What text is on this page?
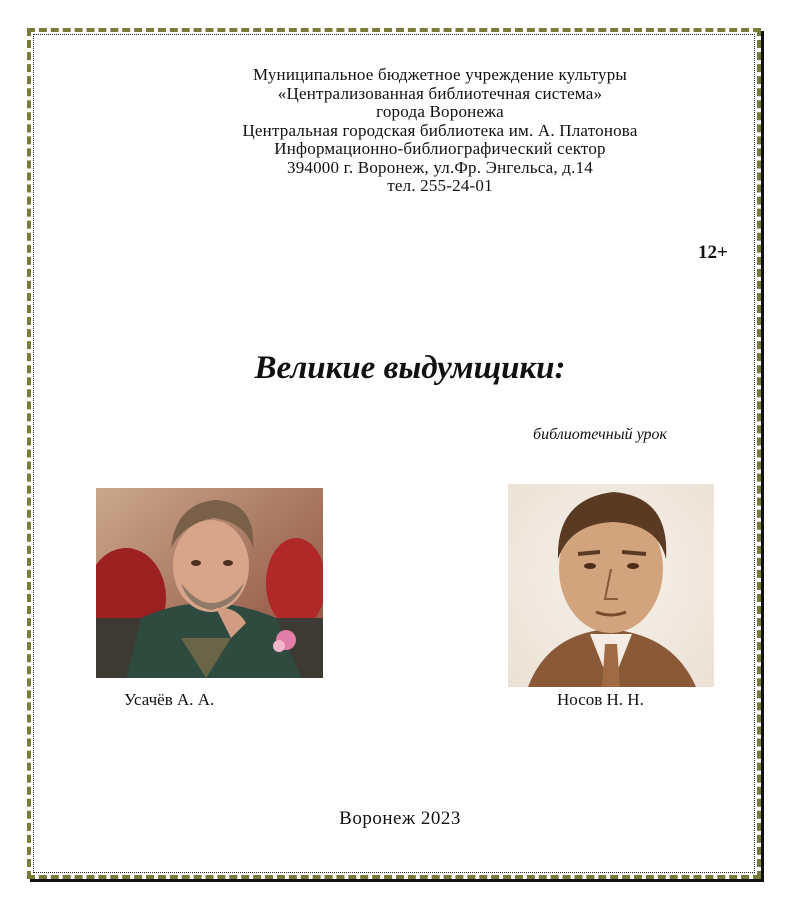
Муниципальное бюджетное учреждение культуры
«Централизованная библиотечная система»
города Воронежа
Центральная городская библиотека им. А. Платонова
Информационно-библиографический сектор
394000 г. Воронеж, ул.Фр. Энгельса, д.14
тел. 255-24-01
12+
Великие выдумщики:
библиотечный урок
Усачёв А. А.	Носов Н. Н.
Воронеж 2023
